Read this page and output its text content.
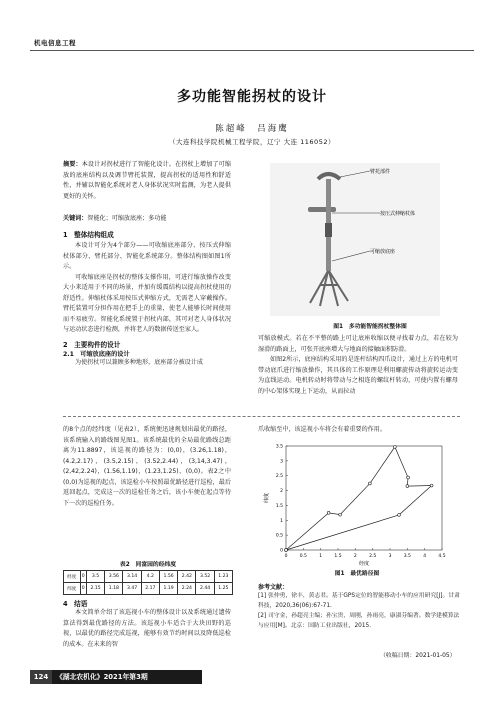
机电信息工程
多功能智能拐杖的设计
陈超峰　吕海鹰
（大连科技学院机械工程学院，辽宁 大连 116052）
摘要：本设计对拐杖进行了智能化设计。在拐杖上增加了可缩放的底座结构以及调节臂托装置，提高拐杖的适用性和舒适性，并辅以智能化系统对老人身体状况实时监测，为老人提供更好的关怀。
关键词：智能化；可缩放底座；多功能
1　整体结构组成
本设计可分为4个部分——可收缩底座部分、按压式伸缩杖体部分、臂托部分、智能化系统部分。整体结构图如图1所示。
可收缩底座是拐杖的整体支撑作用，可进行缩放操作改变大小来适用于不同的场景，并加有缓震结构以提高拐杖使用的舒适性。伸缩杖体采用按压式伸缩方式，无需老人穿戴操作。臂托装置可分担作用在把手上的重量，使老人能够长时间使用而不易疲劳。智能化系统置于拐杖内部，其可对老人身体状况与运动状态进行检测，并将老人的数据传送至家人。
2　主要构件的设计
2.1　可缩放底座的设计
为使拐杖可以兼顾多种地形，底座部分被设计成
臂托部件
按压式伸缩杖体
可缩放底座
图1　多功能智能拐杖整体图
可缩放模式。若在不平整的路上可让底座收缩以便寻找着力点，若在较为湿滑的路面上，可张开底座增大与地面的接触面积防滑。
如图2所示，底座结构采用的是连杆结构四爪设计，通过上方的电机可带动底爪进行缩放操作，其具体的工作原理是利用螺旋传动将旋转运动变为直线运动。电机转动时将带动与之相连的螺纹杆转动，可使内置有螺母的中心架体实现上下运动，从而拉动
的8个点的经纬度（见表2），系统便迅速规划出最优的路径，该系统输入的路线图见图1。该系统最优的全局最优路线总距离为11.8897，该巡视的路径为：(0,0)，(3.26,1.18)，(4.2,2.17)，(3.5,2.15)，(3.52,2.44)，(3,14,3.47)，(2,42,2.24)，(1.56,1.19)，(1.23,1.25)，(0,0)。表2之中(0,0)为巡视的起点，该巡检小车按照最优路径进行巡检，最后返回起点，完成这一次的巡检任务之后，该小车便在起点等待下一次的巡检任务。
表2　同富园的经纬度
经度	0	3.5	3.56	3.14	4.2	1.56	2.42	3.52	1.23
纬度	0	2.15	1.18	3.47	2.17	1.19	2.24	2.44	1.25
4　结语
本文简单介绍了该巡视小车的整体设计以及系统通过遗传算法得到最优路径的方法。该巡视小车适合于大块田野的巡视，以最优的路径完成巡视，能够有效节约时间以及降低巡检的成本。在未来的智
爪收缩至中，该巡视小车将会有着重要的作用。
0	0.5	1	1.5	2	2.5	3	3.5	4	4.5
0
0.5
1
1.5
2
2.5
3
3.5
经度
纬度
图1　最优路径图
参考文献：
[1] 张仲勇，徐丰，黄志君。基于GPS定位的智能移动小车的应用研究[J]。甘肃科技，2020,36(06):67-71.
[2] 司守金，孙超亮主编；孙宝贵，周刚，孙雨亮，康淑芬编著。数学建模算法与应用[M]。北京：国防工业出版社，2015.
（收稿日期：2021-01-05）
124	《湖北农机化》2021年第3期
